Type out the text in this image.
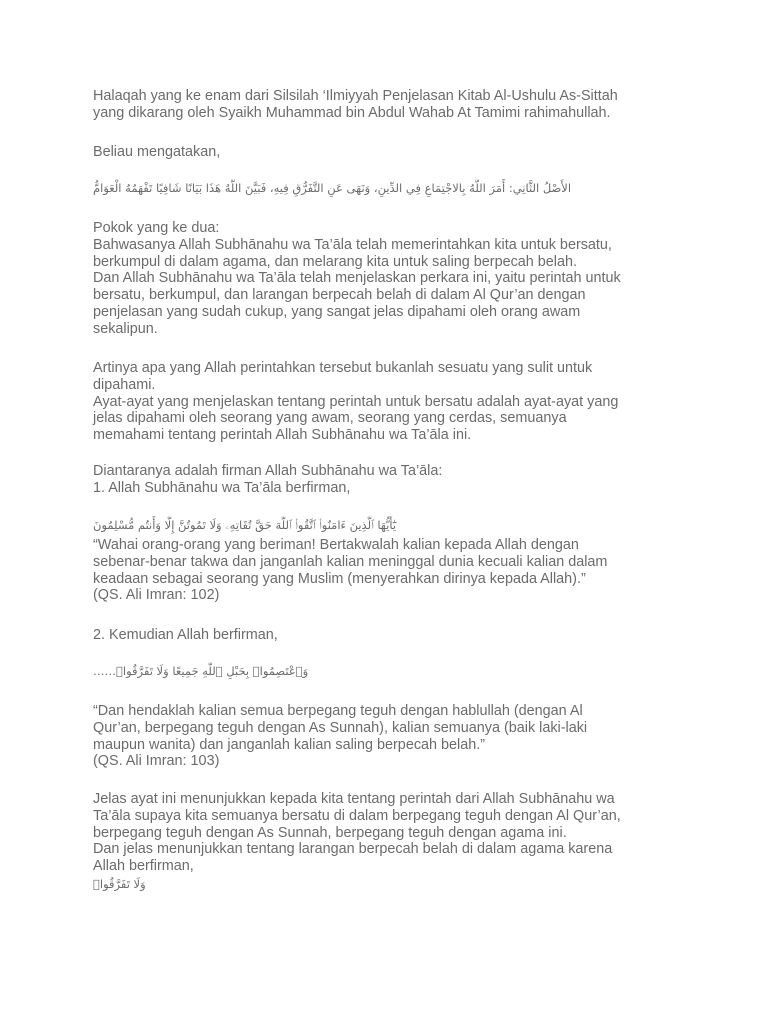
Halaqah yang ke enam dari Silsilah ‘Ilmiyyah Penjelasan Kitab Al-Ushulu As-Sittah
yang dikarang oleh Syaikh Muhammad bin Abdul Wahab At Tamimi rahimahullah.

Beliau mengatakan,

الأَصْلُ الثَّانِي: أَمَرَ اللَّهُ بِالاجْتِمَاعِ فِي الدِّينِ، وَنَهَى عَنِ التَّفَرُّقِ فِيهِ، فَبَيَّنَ اللَّهُ هَذَا بَيَانًا شَافِيًا تَفْهَمُهُ الْعَوَامُّ

Pokok yang ke dua:
Bahwasanya Allah Subhānahu wa Ta’āla telah memerintahkan kita untuk bersatu,
berkumpul di dalam agama, dan melarang kita untuk saling berpecah belah.
Dan Allah Subhānahu wa Ta’āla telah menjelaskan perkara ini, yaitu perintah untuk
bersatu, berkumpul, dan larangan berpecah belah di dalam Al Qur’an dengan
penjelasan yang sudah cukup, yang sangat jelas dipahami oleh orang awam
sekalipun.

Artinya apa yang Allah perintahkan tersebut bukanlah sesuatu yang sulit untuk
dipahami.
Ayat-ayat yang menjelaskan tentang perintah untuk bersatu adalah ayat-ayat yang
jelas dipahami oleh seorang yang awam, seorang yang cerdas, semuanya
memahami tentang perintah Allah Subhānahu wa Ta’āla ini.

Diantaranya adalah firman Allah Subhānahu wa Ta’āla:
1. Allah Subhānahu wa Ta’āla berfirman,

يَٰٓأَيُّهَا ٱلَّذِينَ ءَامَنُوا۟ ٱتَّقُوا۟ ٱللَّهَ حَقَّ تُقَاتِهِۦ وَلَا تَمُوتُنَّ إِلَّا وَأَنتُم مُّسْلِمُونَ

“Wahai orang-orang yang beriman! Bertakwalah kalian kepada Allah dengan
sebenar-benar takwa dan janganlah kalian meninggal dunia kecuali kalian dalam
keadaan sebagai seorang yang Muslim (menyerahkan dirinya kepada Allah).”
(QS. Ali Imran: 102)

2. Kemudian Allah berfirman,

وَٱعْتَصِمُوا۟ بِحَبْلِ ٱللَّهِ جَمِيعًا وَلَا تَفَرَّقُوا۟……

“Dan hendaklah kalian semua berpegang teguh dengan hablullah (dengan Al
Qur’an, berpegang teguh dengan As Sunnah), kalian semuanya (baik laki-laki
maupun wanita) dan janganlah kalian saling berpecah belah.”
(QS. Ali Imran: 103)

Jelas ayat ini menunjukkan kepada kita tentang perintah dari Allah Subhānahu wa
Ta’āla supaya kita semuanya bersatu di dalam berpegang teguh dengan Al Qur’an,
berpegang teguh dengan As Sunnah, berpegang teguh dengan agama ini.
Dan jelas menunjukkan tentang larangan berpecah belah di dalam agama karena
Allah berfirman,

وَلَا تَفَرَّقُوا۟
